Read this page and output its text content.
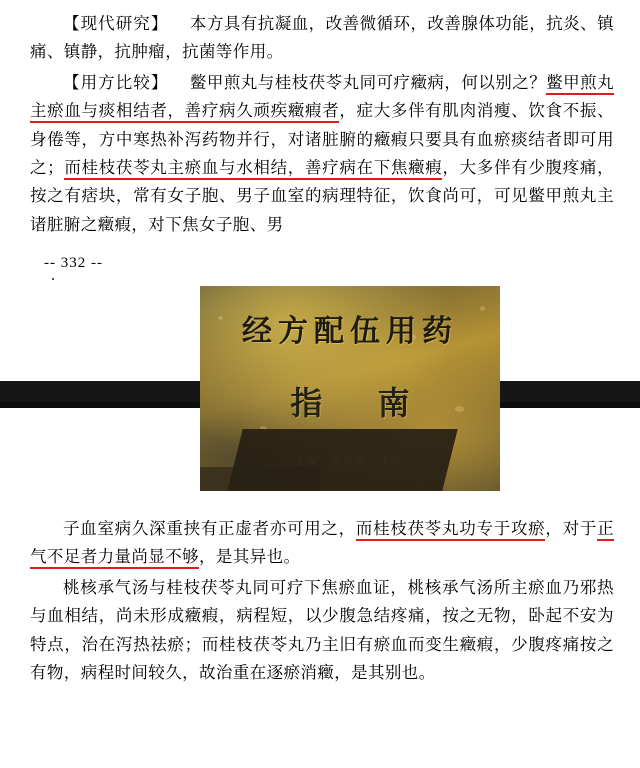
【现代研究】 本方具有抗凝血，改善微循环，改善腺体功能，抗炎、镇痛、镇静，抗肿瘤，抗菌等作用。

【用方比较】 鳖甲煎丸与桂枝茯苓丸同可疗癥病，何以别之？鳖甲煎丸主瘀血与痰相结者，善疗病久顽疾癥瘕者，症大多伴有肌肉消瘦、饮食不振、身倦等，方中寒热补泻药物并行，对诸脏腑的癥瘕只要具有血瘀痰结者即可用之；而桂枝茯苓丸主瘀血与水相结，善疗病在下焦癥瘕，大多伴有少腹疼痛，按之有痞块，常有女子胞、男子血室的病理特征，饮食尚可，可见鳖甲煎丸主诸脏腑之癥瘕，对下焦女子胞、男

-- 332 --
经方配伍用药
指 南
主编　周执昌　王行

子血室病久深重挟有正虚者亦可用之，而桂枝茯苓丸功专于攻瘀，对于正气不足者力量尚显不够，是其异也。

桃核承气汤与桂枝茯苓丸同可疗下焦瘀血证，桃核承气汤所主瘀血乃邪热与血相结，尚未形成癥瘕，病程短，以少腹急结疼痛，按之无物，卧起不安为特点，治在泻热祛瘀；而桂枝茯苓丸乃主旧有瘀血而变生癥瘕，少腹疼痛按之有物，病程时间较久，故治重在逐瘀消癥，是其别也。
